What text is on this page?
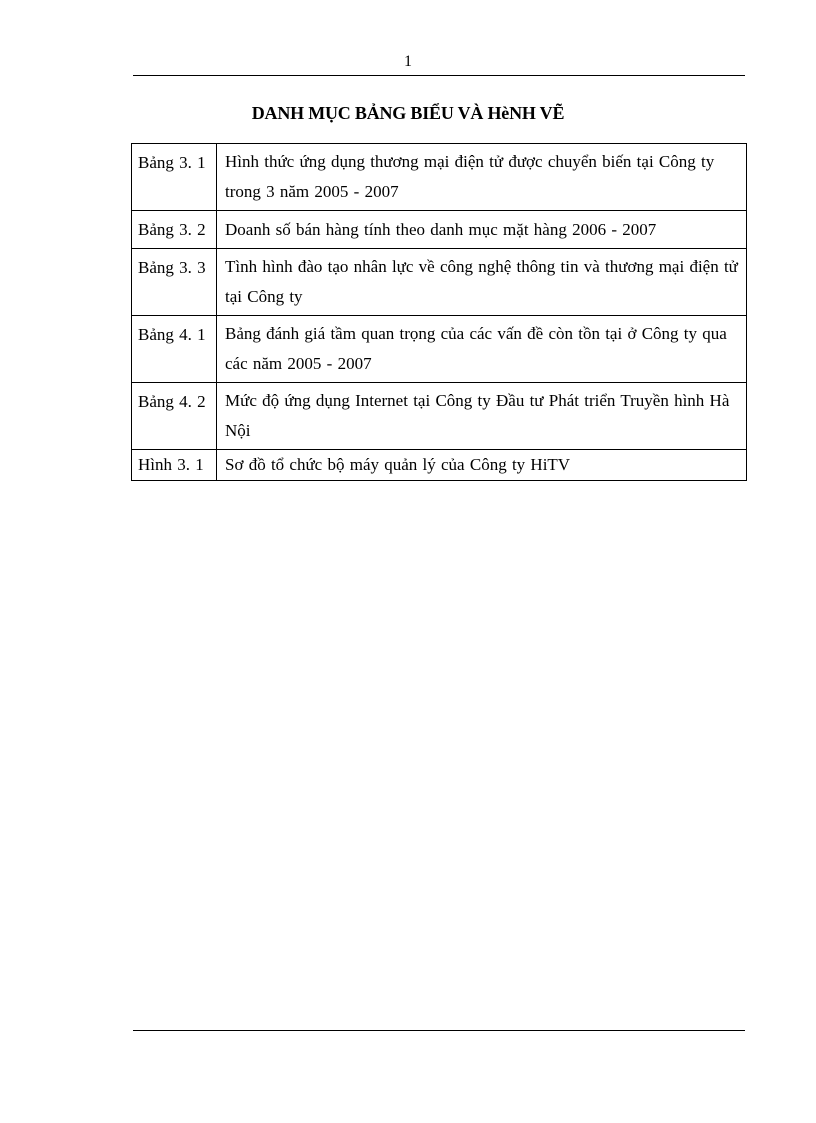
1
DANH MỤC BẢNG BIỂU VÀ HèNH VẼ
Bảng 3. 1	Hình thức ứng dụng thương mại điện tử được chuyển biến tại Công ty trong 3 năm 2005 - 2007
Bảng 3. 2	Doanh số bán hàng tính theo danh mục mặt hàng 2006 - 2007
Bảng 3. 3	Tình hình đào tạo nhân lực về công nghệ thông tin và thương mại điện tử tại Công ty
Bảng 4. 1	Bảng đánh giá tầm quan trọng của các vấn đề còn tồn tại ở Công ty qua các năm 2005 - 2007
Bảng 4. 2	Mức độ ứng dụng Internet tại Công ty Đầu tư Phát triển Truyền hình Hà Nội
Hình 3. 1	Sơ đồ tổ chức bộ máy quản lý của Công ty HiTV
